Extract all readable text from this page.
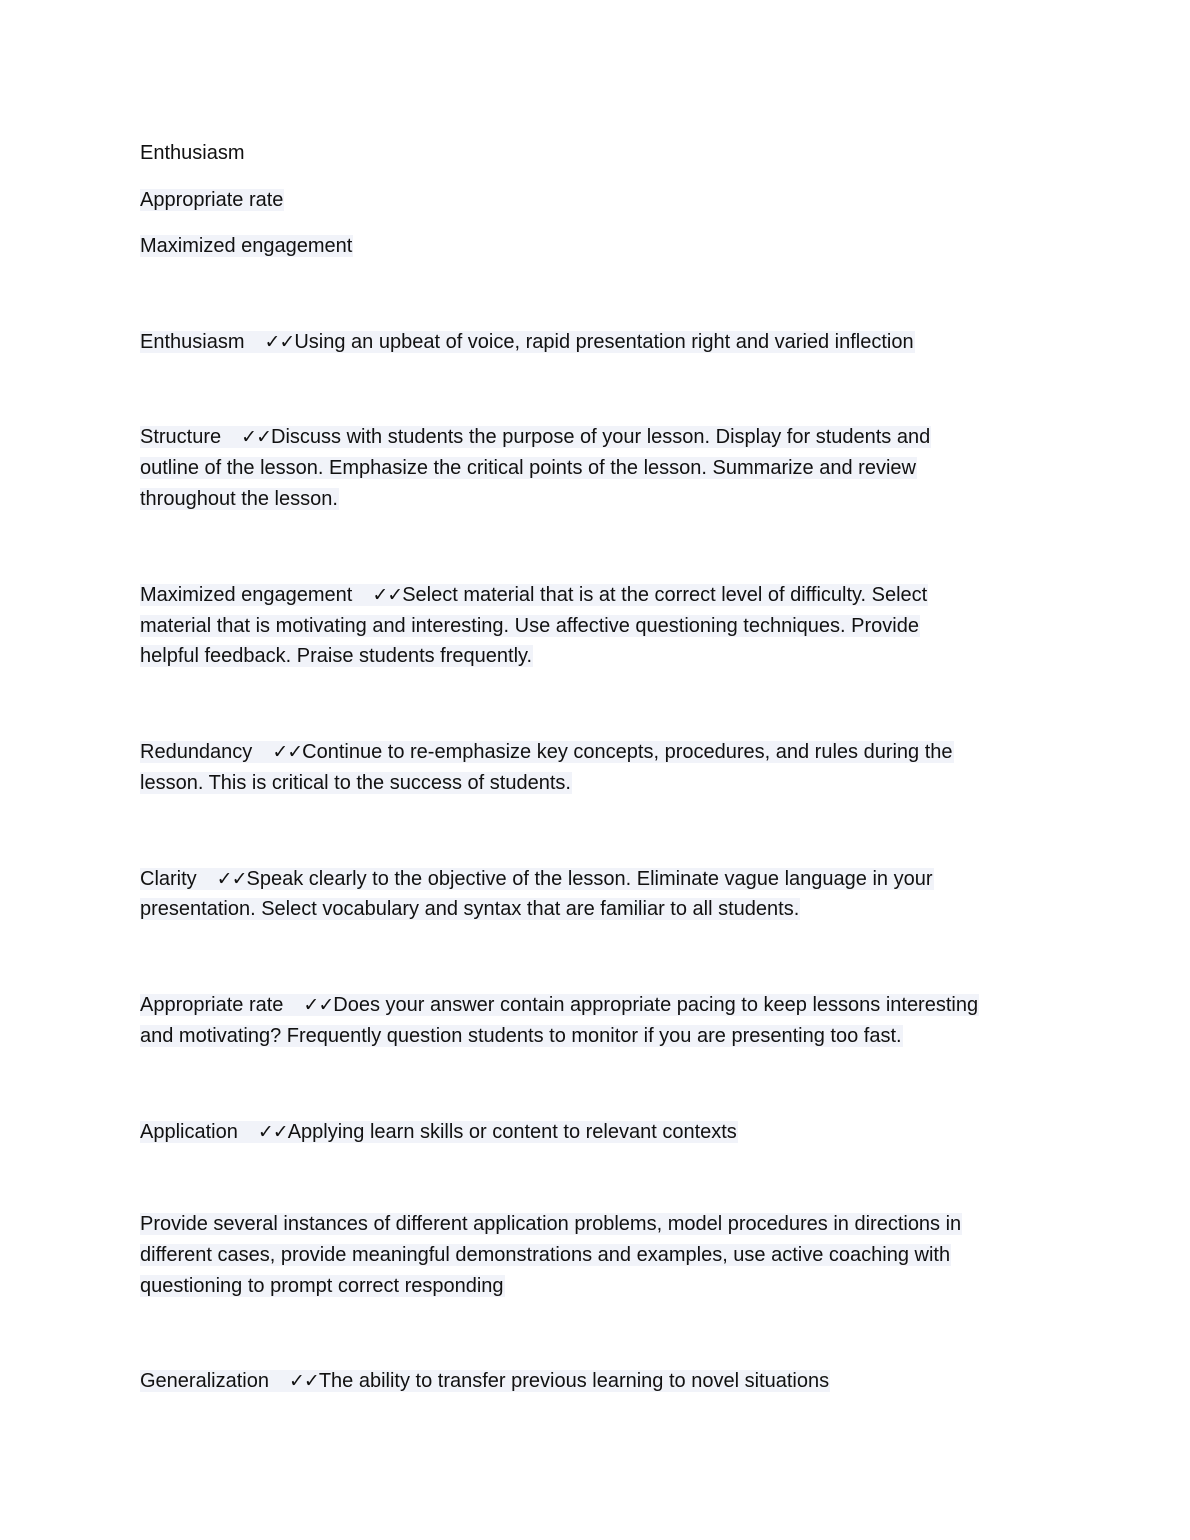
Enthusiasm
Appropriate rate
Maximized engagement
Enthusiasm ✓✓Using an upbeat of voice, rapid presentation right and varied inflection
Structure ✓✓Discuss with students the purpose of your lesson. Display for students and
outline of the lesson. Emphasize the critical points of the lesson. Summarize and review
throughout the lesson.
Maximized engagement ✓✓Select material that is at the correct level of difficulty. Select
material that is motivating and interesting. Use affective questioning techniques. Provide
helpful feedback. Praise students frequently.
Redundancy ✓✓Continue to re-emphasize key concepts, procedures, and rules during the
lesson. This is critical to the success of students.
Clarity ✓✓Speak clearly to the objective of the lesson. Eliminate vague language in your
presentation. Select vocabulary and syntax that are familiar to all students.
Appropriate rate ✓✓Does your answer contain appropriate pacing to keep lessons interesting
and motivating? Frequently question students to monitor if you are presenting too fast.
Application ✓✓Applying learn skills or content to relevant contexts
Provide several instances of different application problems, model procedures in directions in
different cases, provide meaningful demonstrations and examples, use active coaching with
questioning to prompt correct responding
Generalization ✓✓The ability to transfer previous learning to novel situations
